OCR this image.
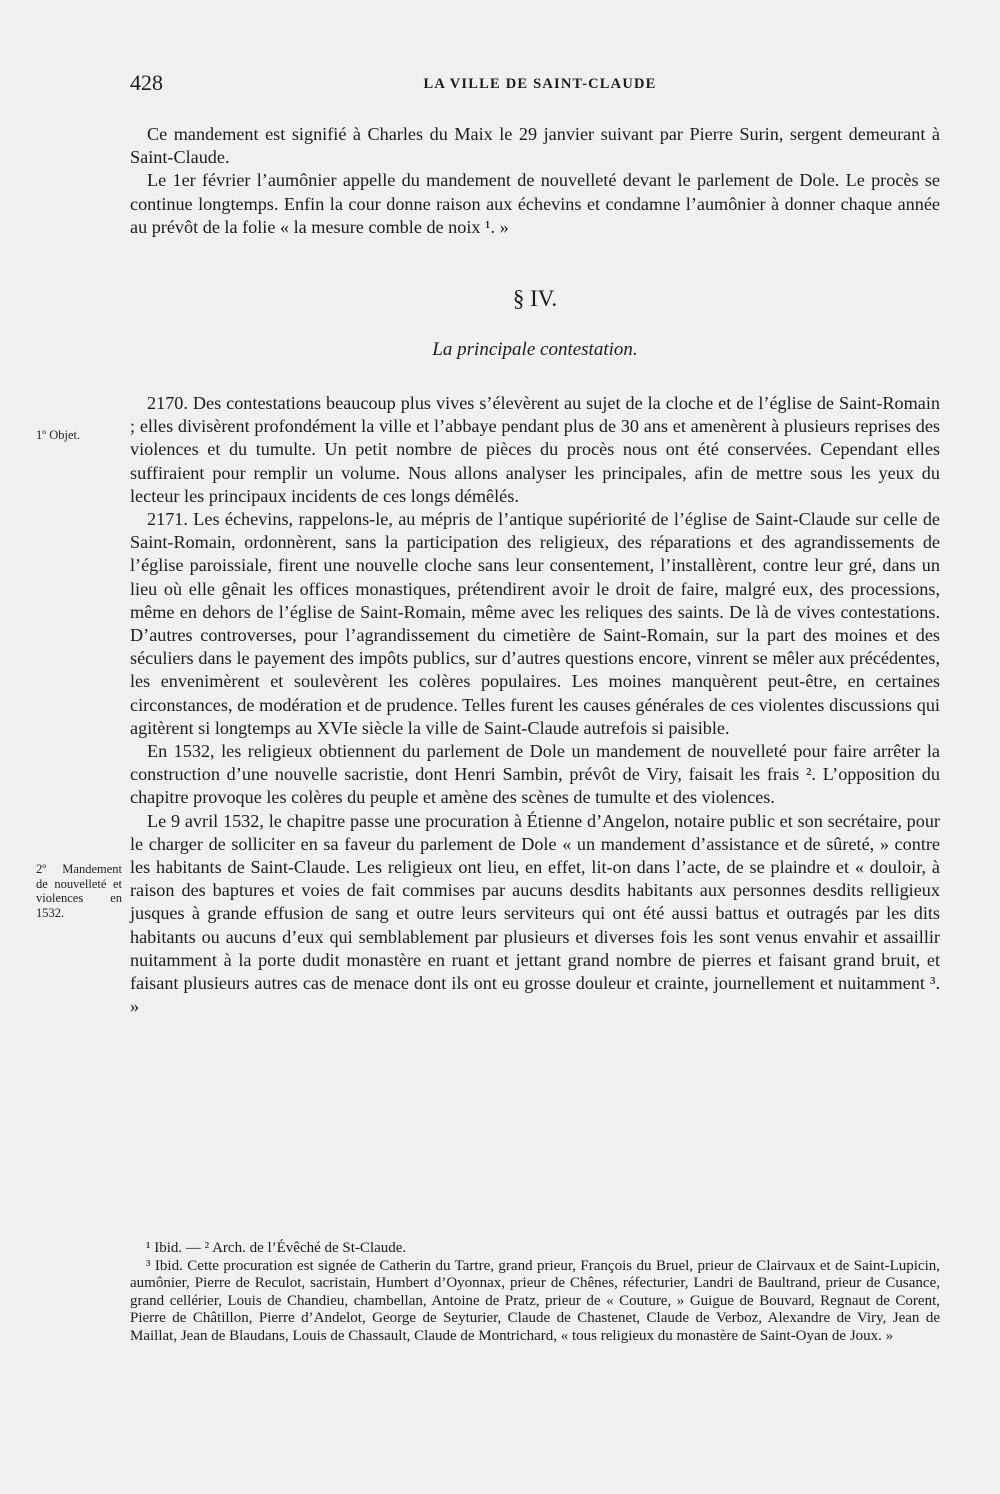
428	LA VILLE DE SAINT-CLAUDE
1º Objet.
2º Mandement de nouvelleté et violences en 1532.

Ce mandement est signifié à Charles du Maix le 29 janvier suivant par Pierre Surin, sergent demeurant à Saint-Claude.

Le 1er février l’aumônier appelle du mandement de nouvelleté devant le parlement de Dole. Le procès se continue longtemps. Enfin la cour donne raison aux échevins et condamne l’aumônier à donner chaque année au prévôt de la folie « la mesure comble de noix ¹. »

§ IV.

La principale contestation.

2170. Des contestations beaucoup plus vives s’élevèrent au sujet de la cloche et de l’église de Saint-Romain ; elles divisèrent profondément la ville et l’abbaye pendant plus de 30 ans et amenèrent à plusieurs reprises des violences et du tumulte. Un petit nombre de pièces du procès nous ont été conservées. Cependant elles suffiraient pour remplir un volume. Nous allons analyser les principales, afin de mettre sous les yeux du lecteur les principaux incidents de ces longs démêlés.

2171. Les échevins, rappelons-le, au mépris de l’antique supériorité de l’église de Saint-Claude sur celle de Saint-Romain, ordonnèrent, sans la participation des religieux, des réparations et des agrandissements de l’église paroissiale, firent une nouvelle cloche sans leur consentement, l’installèrent, contre leur gré, dans un lieu où elle gênait les offices monastiques, prétendirent avoir le droit de faire, malgré eux, des processions, même en dehors de l’église de Saint-Romain, même avec les reliques des saints. De là de vives contestations. D’autres controverses, pour l’agrandissement du cimetière de Saint-Romain, sur la part des moines et des séculiers dans le payement des impôts publics, sur d’autres questions encore, vinrent se mêler aux précédentes, les envenimèrent et soulevèrent les colères populaires. Les moines manquèrent peut-être, en certaines circonstances, de modération et de prudence. Telles furent les causes générales de ces violentes discussions qui agitèrent si longtemps au XVIe siècle la ville de Saint-Claude autrefois si paisible.

En 1532, les religieux obtiennent du parlement de Dole un mandement de nouvelleté pour faire arrêter la construction d’une nouvelle sacristie, dont Henri Sambin, prévôt de Viry, faisait les frais ². L’opposition du chapitre provoque les colères du peuple et amène des scènes de tumulte et des violences.

Le 9 avril 1532, le chapitre passe une procuration à Étienne d’Angelon, notaire public et son secrétaire, pour le charger de solliciter en sa faveur du parlement de Dole « un mandement d’assistance et de sûreté, » contre les habitants de Saint-Claude. Les religieux ont lieu, en effet, lit-on dans l’acte, de se plaindre et « douloir, à raison des baptures et voies de fait commises par aucuns desdits habitants aux personnes desdits relligieux jusques à grande effusion de sang et outre leurs serviteurs qui ont été aussi battus et outragés par les dits habitants ou aucuns d’eux qui semblablement par plusieurs et diverses fois les sont venus envahir et assaillir nuitamment à la porte dudit monastère en ruant et jettant grand nombre de pierres et faisant grand bruit, et faisant plusieurs autres cas de menace dont ils ont eu grosse douleur et crainte, journellement et nuitamment ³. »

¹ Ibid. — ² Arch. de l’Évêché de St-Claude.

³ Ibid. Cette procuration est signée de Catherin du Tartre, grand prieur, François du Bruel, prieur de Clairvaux et de Saint-Lupicin, aumônier, Pierre de Reculot, sacristain, Humbert d’Oyonnax, prieur de Chênes, réfecturier, Landri de Baultrand, prieur de Cusance, grand cellérier, Louis de Chandieu, chambellan, Antoine de Pratz, prieur de « Couture, » Guigue de Bouvard, Regnaut de Corent, Pierre de Châtillon, Pierre d’Andelot, George de Seyturier, Claude de Chastenet, Claude de Verboz, Alexandre de Viry, Jean de Maillat, Jean de Blaudans, Louis de Chassault, Claude de Montrichard, « tous religieux du monastère de Saint-Oyan de Joux. »
